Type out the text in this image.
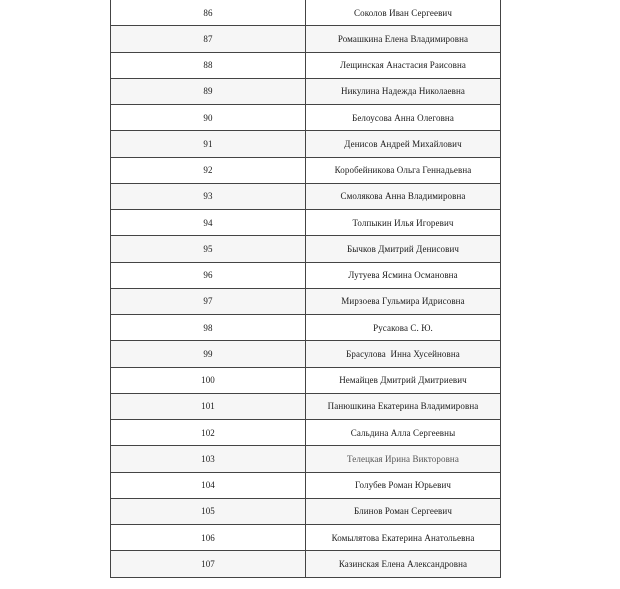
86	Соколов Иван Сергеевич
87	Ромашкина Елена Владимировна
88	Лещинская Анастасия Раисовна
89	Никулина Надежда Николаевна
90	Белоусова Анна Олеговна
91	Денисов Андрей Михайлович
92	Коробейникова Ольга Геннадьевна
93	Смолякова Анна Владимировна
94	Толпыкин Илья Игоревич
95	Бычков Дмитрий Денисович
96	Лутуева Ясмина Османовна
97	Мирзоева Гульмира Идрисовна
98	Русакова С. Ю.
99	Брасулова  Инна Хусейновна
100	Немайцев Дмитрий Дмитриевич
101	Панюшкина Екатерина Владимировна
102	Сальдина Алла Сергеевны
103	Телецкая Ирина Викторовна
104	Голубев Роман Юрьевич
105	Блинов Роман Сергеевич
106	Комылятова Екатерина Анатольевна
107	Казинская Елена Александровна
